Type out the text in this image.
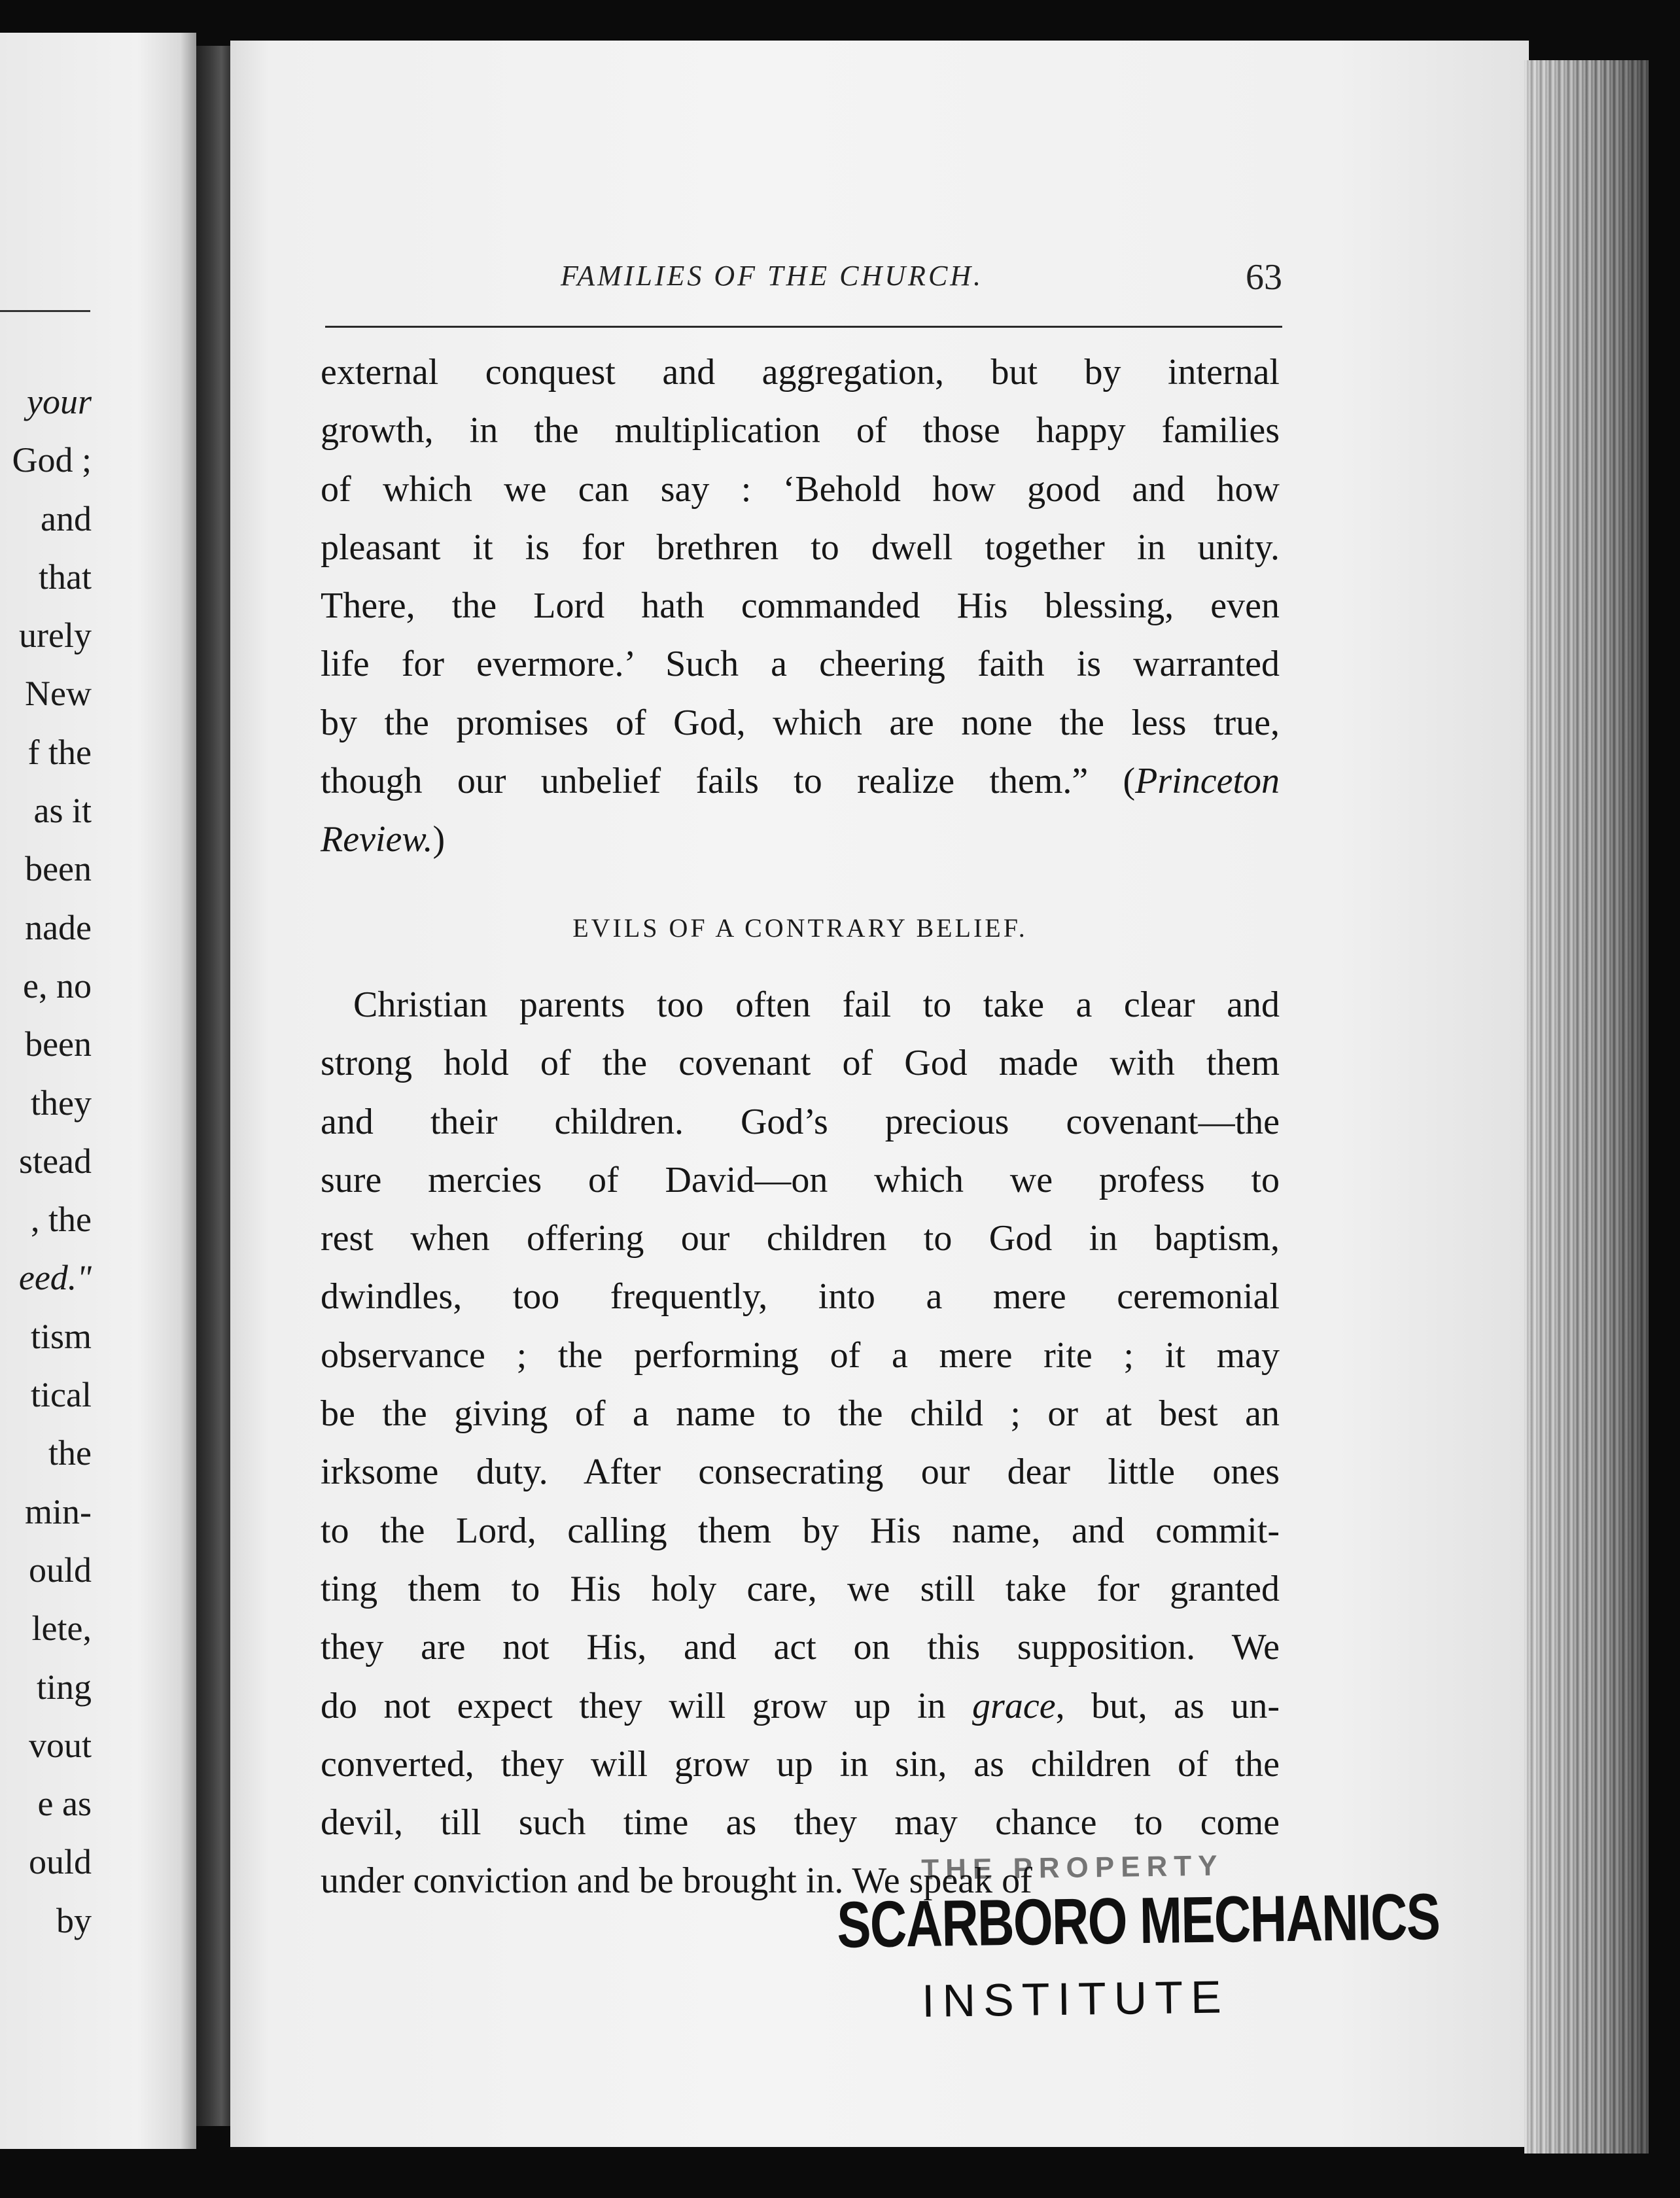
your
God ;
and
that
urely
New
f the
as it
been
nade
e, no
been
they
stead
, the
eed."
tism
tical
the
min-
ould
lete,
ting
vout
e as
ould
by
FAMILIES OF THE CHURCH.	63
external conquest and aggregation, but by internal
growth, in the multiplication of those happy families
of which we can say : ‘Behold how good and how
pleasant it is for brethren to dwell together in unity.
There, the Lord hath commanded His blessing, even
life for evermore.’ Such a cheering faith is warranted
by the promises of God, which are none the less true,
though our unbelief fails to realize them.” (Princeton
Review.)
EVILS OF A CONTRARY BELIEF.
Christian parents too often fail to take a clear and
strong hold of the covenant of God made with them
and their children. God’s precious covenant—the
sure mercies of David—on which we profess to
rest when offering our children to God in baptism,
dwindles, too frequently, into a mere ceremonial
observance ; the performing of a mere rite ; it may
be the giving of a name to the child ; or at best an
irksome duty. After consecrating our dear little ones
to the Lord, calling them by His name, and commit-
ting them to His holy care, we still take for granted
they are not His, and act on this supposition. We
do not expect they will grow up in grace, but, as un-
converted, they will grow up in sin, as children of the
devil, till such time as they may chance to come
under conviction and be brought in. We speak of
THE PROPERTY
SCARBORO MECHANICS
INSTITUTE
